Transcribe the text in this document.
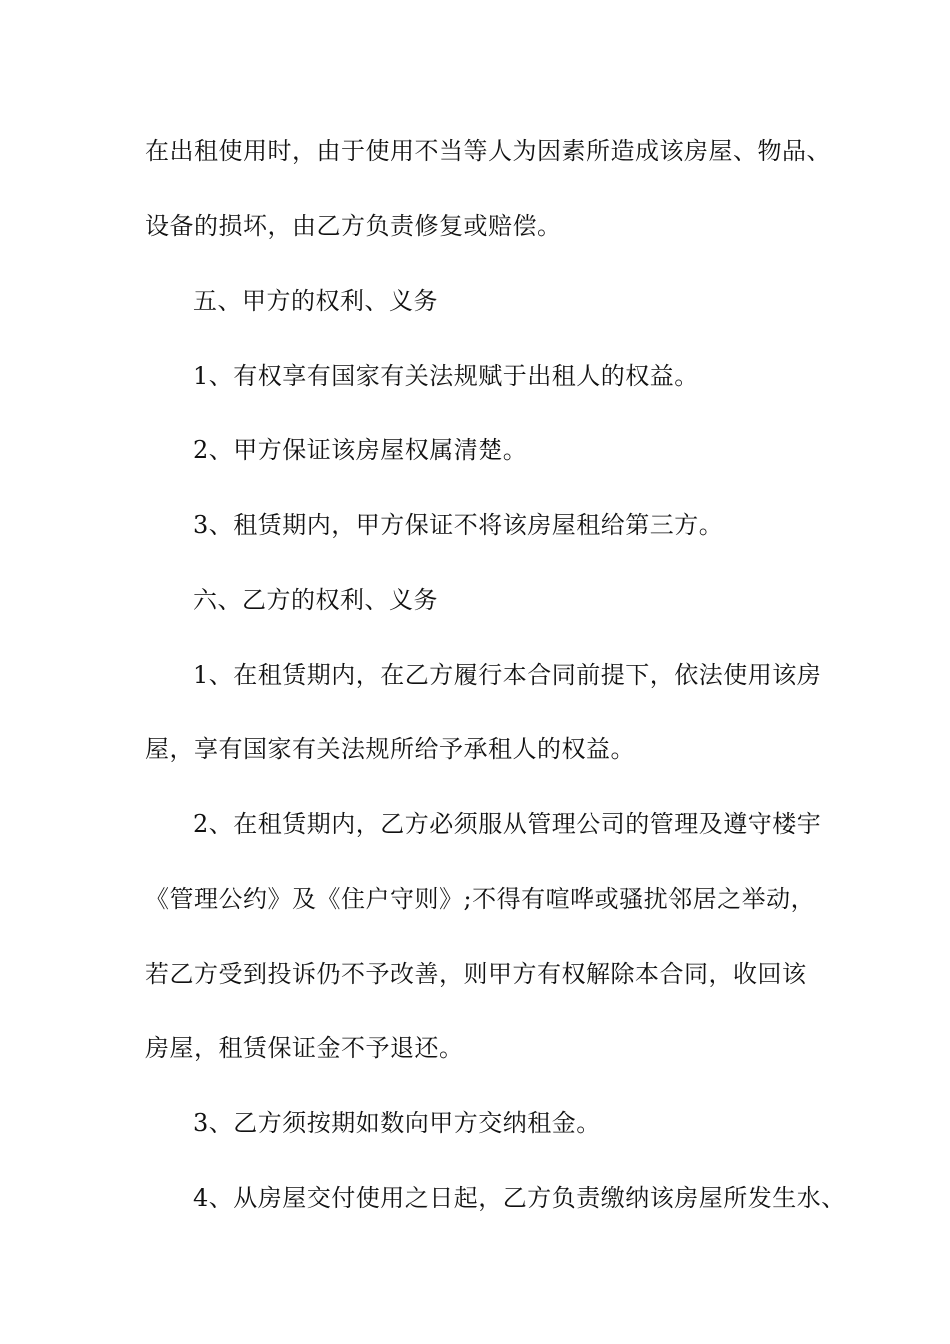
在出租使用时，由于使用不当等人为因素所造成该房屋、物品、
设备的损坏，由乙方负责修复或赔偿。
五、甲方的权利、义务
1、有权享有国家有关法规赋于出租人的权益。
2、甲方保证该房屋权属清楚。
3、租赁期内，甲方保证不将该房屋租给第三方。
六、乙方的权利、义务
1、在租赁期内，在乙方履行本合同前提下，依法使用该房
屋，享有国家有关法规所给予承租人的权益。
2、在租赁期内，乙方必须服从管理公司的管理及遵守楼宇
《管理公约》及《住户守则》;不得有喧哗或骚扰邻居之举动，
若乙方受到投诉仍不予改善，则甲方有权解除本合同，收回该
房屋，租赁保证金不予退还。
3、乙方须按期如数向甲方交纳租金。
4、从房屋交付使用之日起，乙方负责缴纳该房屋所发生水、
